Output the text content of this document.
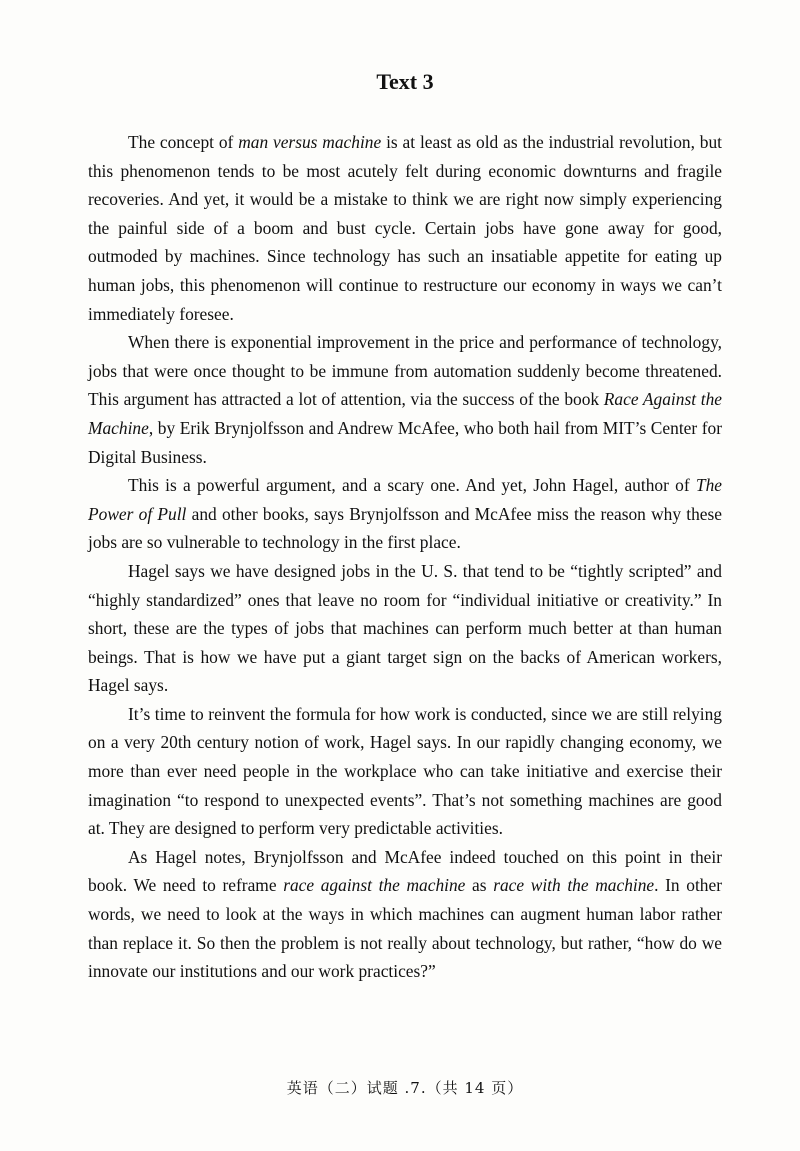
Text 3

The concept of man versus machine is at least as old as the industrial revolution, but this phenomenon tends to be most acutely felt during economic downturns and fragile recoveries. And yet, it would be a mistake to think we are right now simply experiencing the painful side of a boom and bust cycle. Certain jobs have gone away for good, outmoded by machines. Since technology has such an insatiable appetite for eating up human jobs, this phenomenon will continue to restructure our economy in ways we can’t immediately foresee.

When there is exponential improvement in the price and performance of technology, jobs that were once thought to be immune from automation suddenly become threatened. This argument has attracted a lot of attention, via the success of the book Race Against the Machine, by Erik Brynjolfsson and Andrew McAfee, who both hail from MIT’s Center for Digital Business.

This is a powerful argument, and a scary one. And yet, John Hagel, author of The Power of Pull and other books, says Brynjolfsson and McAfee miss the reason why these jobs are so vulnerable to technology in the first place.

Hagel says we have designed jobs in the U. S. that tend to be “tightly scripted” and “highly standardized” ones that leave no room for “individual initiative or creativity.” In short, these are the types of jobs that machines can perform much better at than human beings. That is how we have put a giant target sign on the backs of American workers, Hagel says.

It’s time to reinvent the formula for how work is conducted, since we are still relying on a very 20th century notion of work, Hagel says. In our rapidly changing economy, we more than ever need people in the workplace who can take initiative and exercise their imagination “to respond to unexpected events”. That’s not something machines are good at. They are designed to perform very predictable activities.

As Hagel notes, Brynjolfsson and McAfee indeed touched on this point in their book. We need to reframe race against the machine as race with the machine. In other words, we need to look at the ways in which machines can augment human labor rather than replace it. So then the problem is not really about technology, but rather, “how do we innovate our institutions and our work practices?”

英语（二）试题 .7.（共 14 页）
